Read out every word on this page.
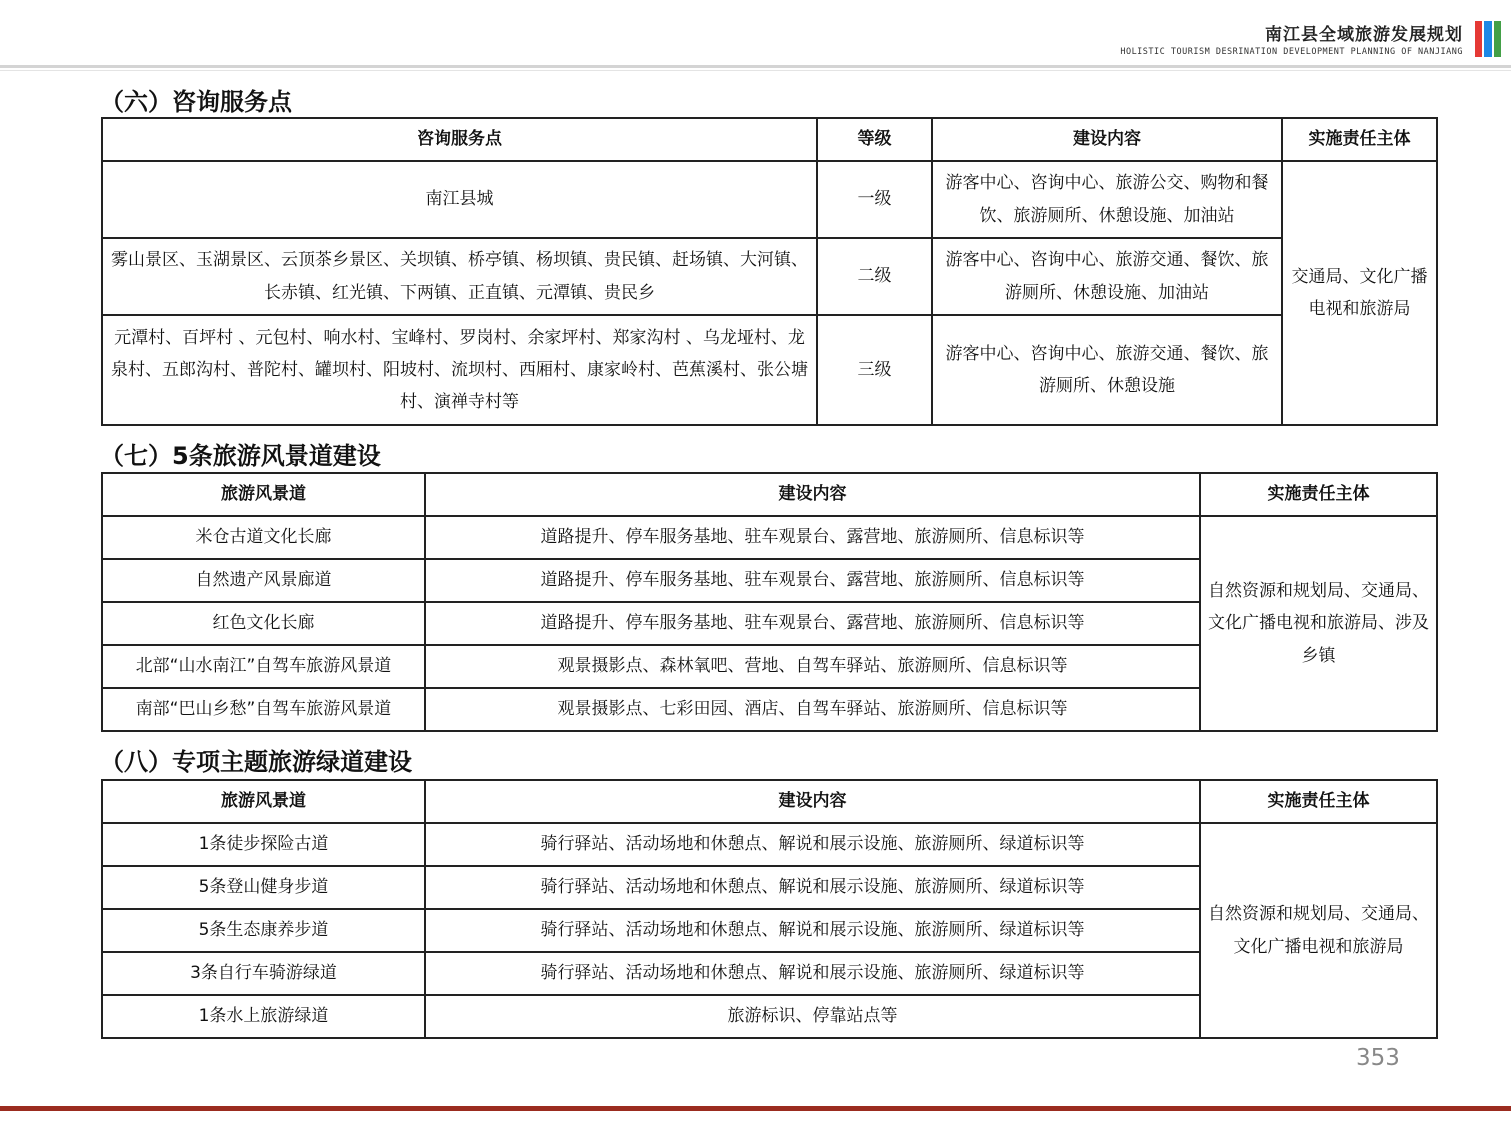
南江县全域旅游发展规划
HOLISTIC TOURISM DESRINATION DEVELOPMENT PLANNING OF NANJIANG
（六）咨询服务点
咨询服务点	等级	建设内容	实施责任主体
南江县城	一级	游客中心、咨询中心、旅游公交、购物和餐饮、旅游厕所、休憩设施、加油站	交通局、文化广播电视和旅游局
雾山景区、玉湖景区、云顶茶乡景区、关坝镇、桥亭镇、杨坝镇、贵民镇、赶场镇、大河镇、长赤镇、红光镇、下两镇、正直镇、元潭镇、贵民乡	二级	游客中心、咨询中心、旅游交通、餐饮、旅游厕所、休憩设施、加油站	
元潭村、百坪村 、元包村、响水村、宝峰村、罗岗村、余家坪村、郑家沟村 、乌龙垭村、龙泉村、五郎沟村、普陀村、罐坝村、阳坡村、流坝村、西厢村、康家岭村、芭蕉溪村、张公塘村、演禅寺村等	三级	游客中心、咨询中心、旅游交通、餐饮、旅游厕所、休憩设施	
（七）5条旅游风景道建设
旅游风景道	建设内容	实施责任主体
米仓古道文化长廊	道路提升、停车服务基地、驻车观景台、露营地、旅游厕所、信息标识等	自然资源和规划局、交通局、文化广播电视和旅游局、涉及乡镇
自然遗产风景廊道	道路提升、停车服务基地、驻车观景台、露营地、旅游厕所、信息标识等	
红色文化长廊	道路提升、停车服务基地、驻车观景台、露营地、旅游厕所、信息标识等	
北部“山水南江”自驾车旅游风景道	观景摄影点、森林氧吧、营地、自驾车驿站、旅游厕所、信息标识等	
南部“巴山乡愁”自驾车旅游风景道	观景摄影点、七彩田园、酒店、自驾车驿站、旅游厕所、信息标识等	
（八）专项主题旅游绿道建设
旅游风景道	建设内容	实施责任主体
1条徒步探险古道	骑行驿站、活动场地和休憩点、解说和展示设施、旅游厕所、绿道标识等	自然资源和规划局、交通局、文化广播电视和旅游局
5条登山健身步道	骑行驿站、活动场地和休憩点、解说和展示设施、旅游厕所、绿道标识等	
5条生态康养步道	骑行驿站、活动场地和休憩点、解说和展示设施、旅游厕所、绿道标识等	
3条自行车骑游绿道	骑行驿站、活动场地和休憩点、解说和展示设施、旅游厕所、绿道标识等	
1条水上旅游绿道	旅游标识、停靠站点等	
353
